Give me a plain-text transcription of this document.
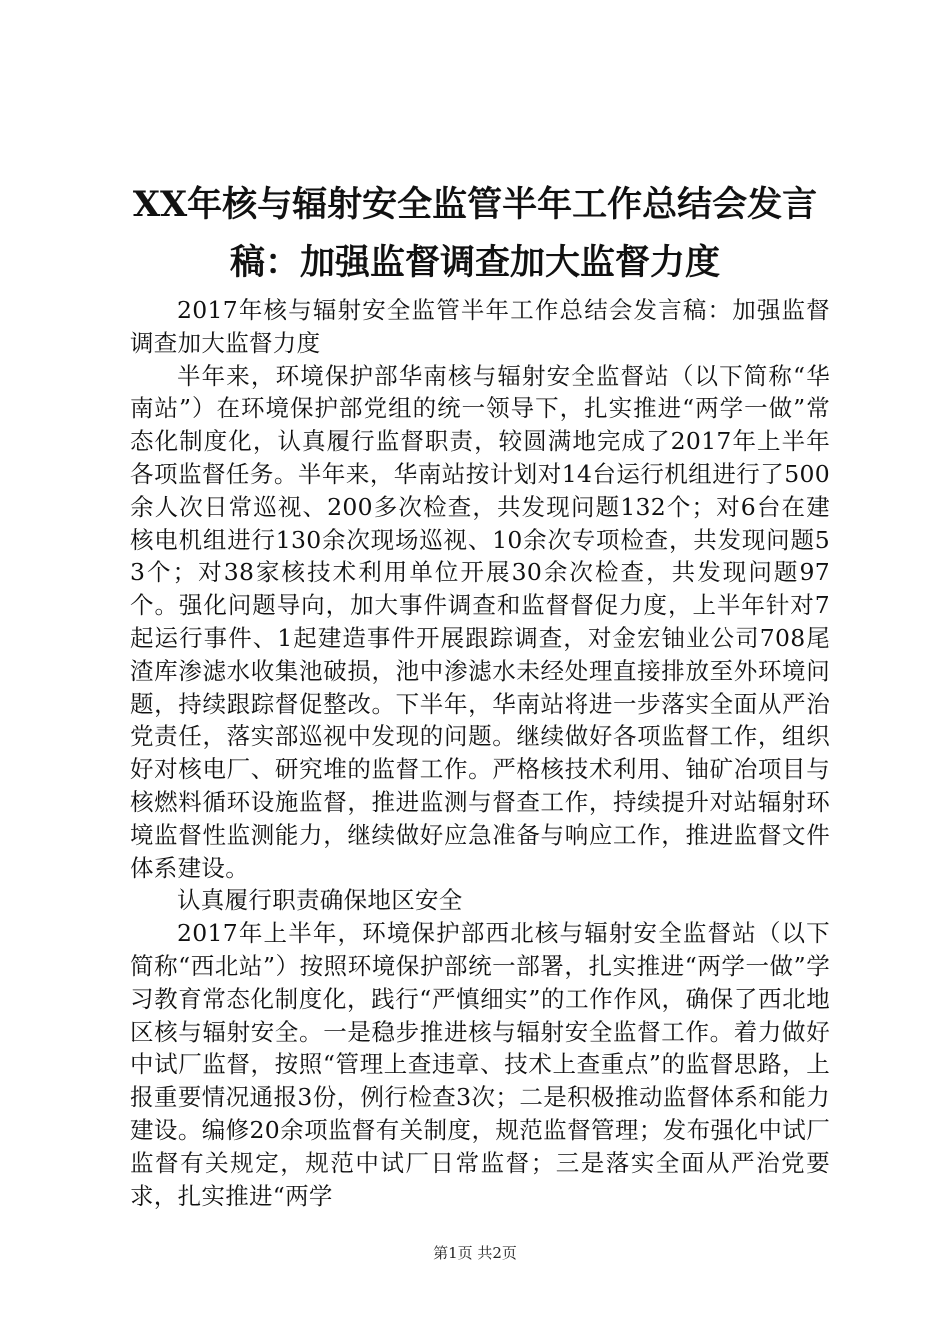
XX年核与辐射安全监管半年工作总结会发言稿：加强监督调查加大监督力度

2017年核与辐射安全监管半年工作总结会发言稿：加强监督调查加大监督力度

半年来，环境保护部华南核与辐射安全监督站（以下简称“华南站”）在环境保护部党组的统一领导下，扎实推进“两学一做”常态化制度化，认真履行监督职责，较圆满地完成了2017年上半年各项监督任务。半年来，华南站按计划对14台运行机组进行了500余人次日常巡视、200多次检查，共发现问题132个；对6台在建核电机组进行130余次现场巡视、10余次专项检查，共发现问题53个；对38家核技术利用单位开展30余次检查，共发现问题97个。强化问题导向，加大事件调查和监督督促力度，上半年针对7起运行事件、1起建造事件开展跟踪调查，对金宏铀业公司708尾渣库渗滤水收集池破损，池中渗滤水未经处理直接排放至外环境问题，持续跟踪督促整改。下半年，华南站将进一步落实全面从严治党责任，落实部巡视中发现的问题。继续做好各项监督工作，组织好对核电厂、研究堆的监督工作。严格核技术利用、铀矿冶项目与核燃料循环设施监督，推进监测与督查工作，持续提升对站辐射环境监督性监测能力，继续做好应急准备与响应工作，推进监督文件体系建设。

认真履行职责确保地区安全

2017年上半年，环境保护部西北核与辐射安全监督站（以下简称“西北站”）按照环境保护部统一部署，扎实推进“两学一做”学习教育常态化制度化，践行“严慎细实”的工作作风，确保了西北地区核与辐射安全。一是稳步推进核与辐射安全监督工作。着力做好中试厂监督，按照“管理上查违章、技术上查重点”的监督思路，上报重要情况通报3份，例行检查3次；二是积极推动监督体系和能力建设。编修20余项监督有关制度，规范监督管理；发布强化中试厂监督有关规定，规范中试厂日常监督；三是落实全面从严治党要求，扎实推进“两学

第1页 共2页
